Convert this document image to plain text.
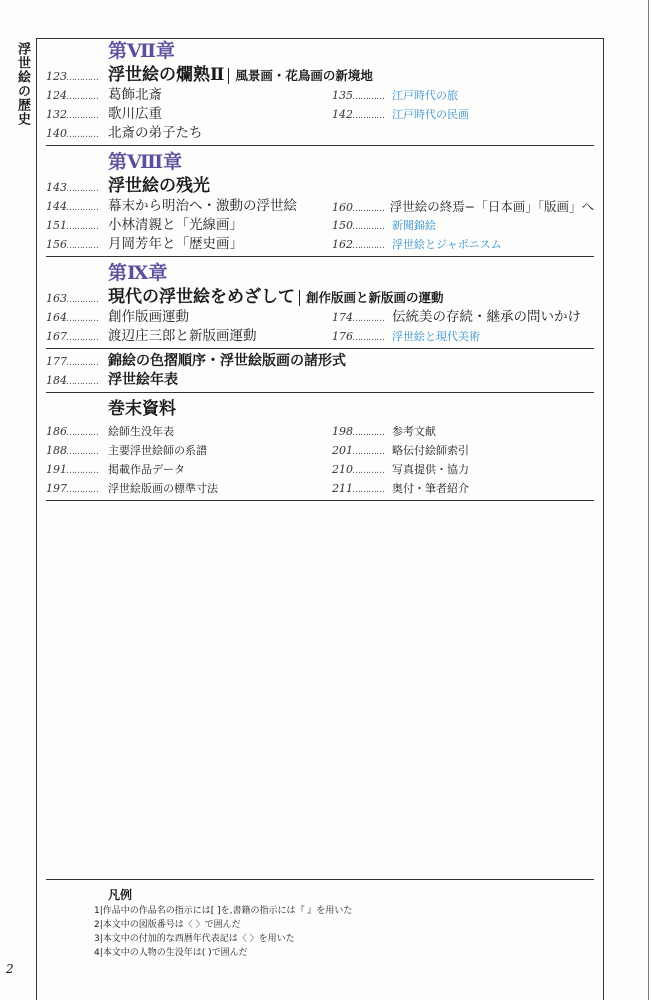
浮世絵の歴史
2
第Ⅶ章
123 ………… 浮世絵の爛熟Ⅱ 風景画・花鳥画の新境地
124 ………… 葛飾北斎
132 ………… 歌川広重
140 ………… 北斎の弟子たち
135 ………… 江戸時代の旅
142 ………… 江戸時代の民画
第Ⅷ章
143 ………… 浮世絵の残光
144 ………… 幕末から明治へ・激動の浮世絵
151 ………… 小林清親と「光線画」
156 ………… 月岡芳年と「歴史画」
160 ………… 浮世絵の終焉−「日本画」「版画」へ
150 ………… 新聞錦絵
162 ………… 浮世絵とジャポニスム
第Ⅸ章
163 ………… 現代の浮世絵をめざして 創作版画と新版画の運動
164 ………… 創作版画運動
167 ………… 渡辺庄三郎と新版画運動
174 ………… 伝統美の存続・継承の問いかけ
176 ………… 浮世絵と現代美術
177 ………… 錦絵の色摺順序・浮世絵版画の諸形式
184 ………… 浮世絵年表
巻末資料
186 ………… 絵師生没年表
188 ………… 主要浮世絵師の系譜
191 ………… 掲載作品データ
197 ………… 浮世絵版画の標準寸法
198 ………… 参考文献
201 ………… 略伝付絵師索引
210 ………… 写真提供・協力
211 ………… 奥付・筆者紹介
凡例
1|作品中の作品名の指示には[ ]を,書籍の指示には『 』を用いた
2|本文中の図版番号は〈 〉で囲んだ
3|本文中の付加的な西暦年代表記は〈 〉を用いた
4|本文中の人物の生没年は( )で囲んだ
